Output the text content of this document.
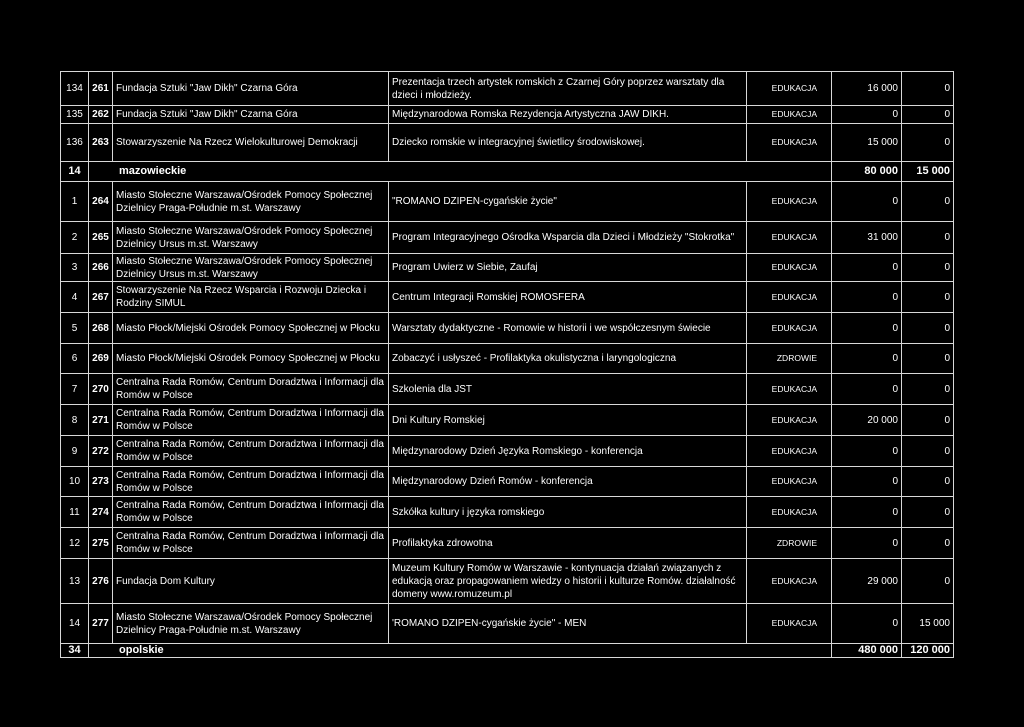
134	261	Fundacja Sztuki "Jaw Dikh" Czarna Góra	Prezentacja trzech artystek romskich z Czarnej Góry poprzez warsztaty dla dzieci i młodzieży.	EDUKACJA	16 000	0
135	262	Fundacja Sztuki "Jaw Dikh" Czarna Góra	Międzynarodowa Romska Rezydencja Artystyczna JAW DIKH.	EDUKACJA	0	0
136	263	Stowarzyszenie Na Rzecz Wielokulturowej Demokracji	Dziecko romskie w integracyjnej świetlicy środowiskowej.	EDUKACJA	15 000	0
14	mazowieckie				80 000	15 000
1	264	Miasto Stołeczne Warszawa/Ośrodek Pomocy Społecznej Dzielnicy Praga-Południe m.st. Warszawy	"ROMANO DZIPEN-cygańskie życie"	EDUKACJA	0	0
2	265	Miasto Stołeczne Warszawa/Ośrodek Pomocy Społecznej Dzielnicy Ursus m.st. Warszawy	Program Integracyjnego Ośrodka Wsparcia dla Dzieci i Młodzieży "Stokrotka"	EDUKACJA	31 000	0
3	266	Miasto Stołeczne Warszawa/Ośrodek Pomocy Społecznej Dzielnicy Ursus m.st. Warszawy	Program Uwierz w Siebie, Zaufaj	EDUKACJA	0	0
4	267	Stowarzyszenie Na Rzecz Wsparcia i Rozwoju Dziecka i Rodziny SIMUL	Centrum Integracji Romskiej ROMOSFERA	EDUKACJA	0	0
5	268	Miasto Płock/Miejski Ośrodek Pomocy Społecznej w Płocku	Warsztaty dydaktyczne - Romowie w historii i we współczesnym świecie	EDUKACJA	0	0
6	269	Miasto Płock/Miejski Ośrodek Pomocy Społecznej w Płocku	Zobaczyć i usłyszeć - Profilaktyka okulistyczna i laryngologiczna	ZDROWIE	0	0
7	270	Centralna Rada Romów, Centrum Doradztwa i Informacji dla Romów w Polsce	Szkolenia dla JST	EDUKACJA	0	0
8	271	Centralna Rada Romów, Centrum Doradztwa i Informacji dla Romów w Polsce	Dni Kultury Romskiej	EDUKACJA	20 000	0
9	272	Centralna Rada Romów, Centrum Doradztwa i Informacji dla Romów w Polsce	Międzynarodowy Dzień Języka Romskiego - konferencja	EDUKACJA	0	0
10	273	Centralna Rada Romów, Centrum Doradztwa i Informacji dla Romów w Polsce	Międzynarodowy Dzień Romów - konferencja	EDUKACJA	0	0
11	274	Centralna Rada Romów, Centrum Doradztwa i Informacji dla Romów w Polsce	Szkółka kultury i języka romskiego	EDUKACJA	0	0
12	275	Centralna Rada Romów, Centrum Doradztwa i Informacji dla Romów w Polsce	Profilaktyka zdrowotna	ZDROWIE	0	0
13	276	Fundacja Dom Kultury	Muzeum Kultury Romów w Warszawie - kontynuacja działań związanych z edukacją oraz propagowaniem wiedzy o historii i kulturze Romów. działalność domeny www.romuzeum.pl	EDUKACJA	29 000	0
14	277	Miasto Stołeczne Warszawa/Ośrodek Pomocy Społecznej Dzielnicy Praga-Południe m.st. Warszawy	'ROMANO DZIPEN-cygańskie życie" - MEN	EDUKACJA	0	15 000
34	opolskie				480 000	120 000
